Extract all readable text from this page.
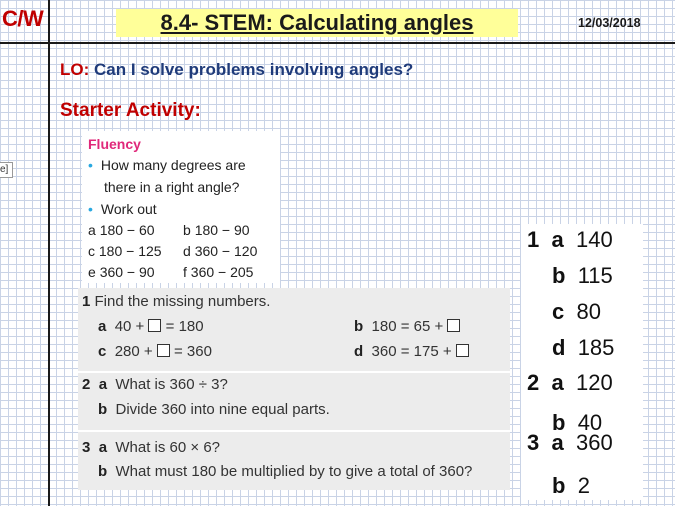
C/W	8.4- STEM: Calculating angles	12/03/2018
e]
LO: Can I solve problems involving angles?
Starter Activity:
Fluency
• How many degrees are
there in a right angle?
• Work out
a 180 − 60 b 180 − 90
c 180 − 125 d 360 − 120
e 360 − 90 f 360 − 205
1 Find the missing numbers.
a 40 +  = 180	b 180 = 65 +
c 280 +  = 360	d 360 = 175 +
2 a What is 360 ÷ 3?
b Divide 360 into nine equal parts.
3 a What is 60 × 6?
b What must 180 be multiplied by to give a total of 360?
1 a 140
b 115
c 80
d 185
2 a 120
b 40
3 a 360
b 2
